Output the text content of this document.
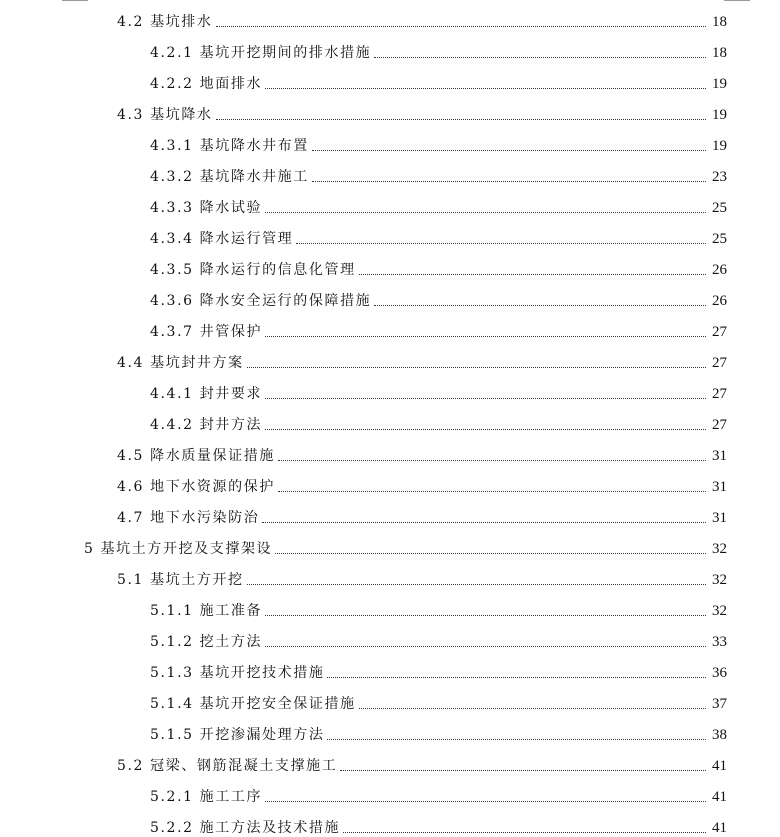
4.2 基坑排水	18
4.2.1 基坑开挖期间的排水措施	18
4.2.2 地面排水	19
4.3 基坑降水	19
4.3.1 基坑降水井布置	19
4.3.2 基坑降水井施工	23
4.3.3 降水试验	25
4.3.4 降水运行管理	25
4.3.5 降水运行的信息化管理	26
4.3.6 降水安全运行的保障措施	26
4.3.7 井管保护	27
4.4 基坑封井方案	27
4.4.1 封井要求	27
4.4.2 封井方法	27
4.5 降水质量保证措施	31
4.6 地下水资源的保护	31
4.7 地下水污染防治	31
5 基坑土方开挖及支撑架设	32
5.1 基坑土方开挖	32
5.1.1 施工准备	32
5.1.2 挖土方法	33
5.1.3 基坑开挖技术措施	36
5.1.4 基坑开挖安全保证措施	37
5.1.5 开挖渗漏处理方法	38
5.2 冠梁、钢筋混凝土支撑施工	41
5.2.1 施工工序	41
5.2.2 施工方法及技术措施	41
